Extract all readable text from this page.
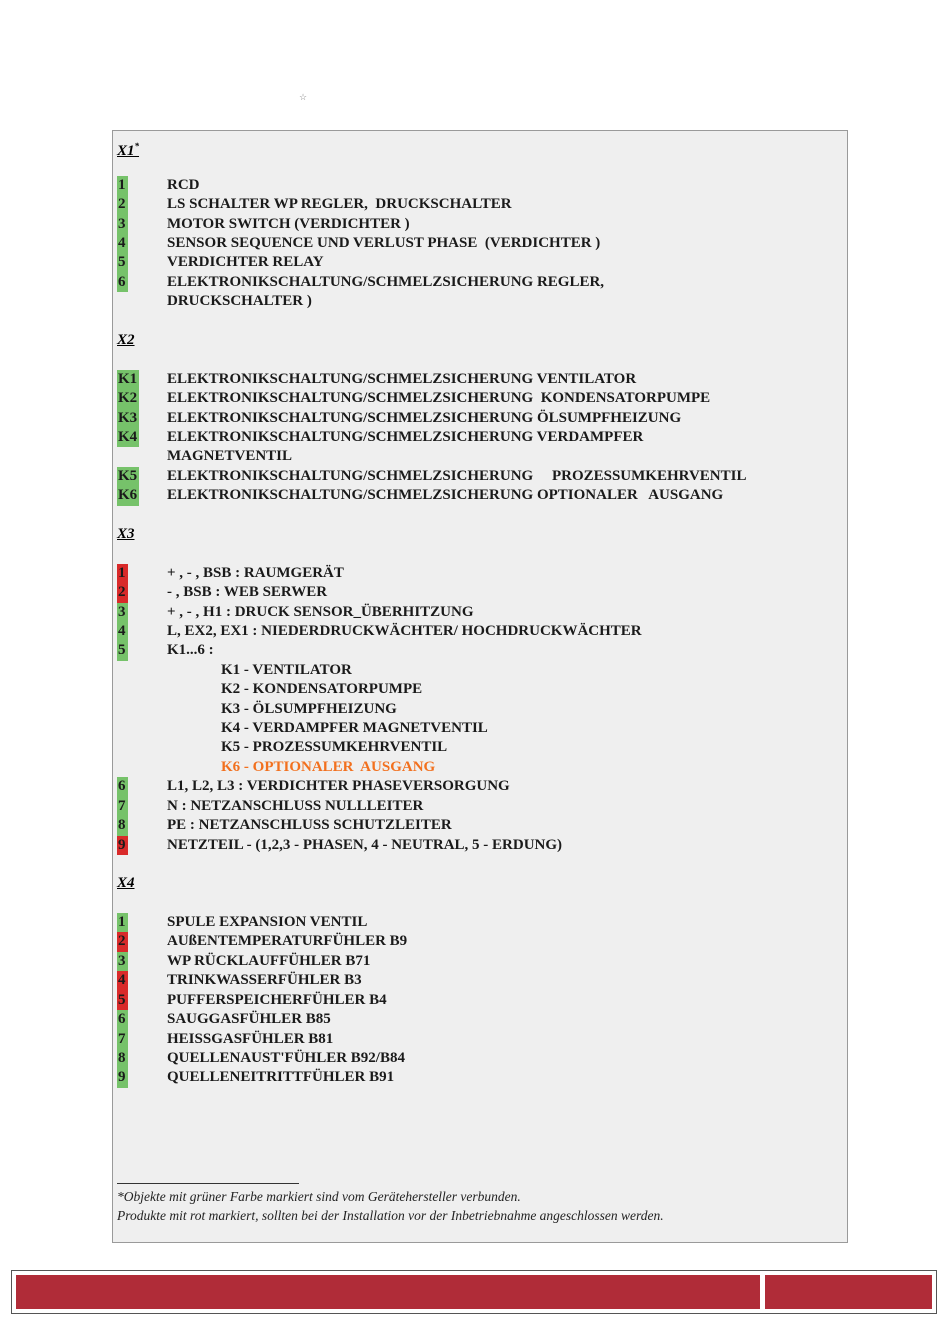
☆
X1*
1	RCD
2	LS SCHALTER WP REGLER,  DRUCKSCHALTER
3	MOTOR SWITCH (VERDICHTER )
4	SENSOR SEQUENCE UND VERLUST PHASE  (VERDICHTER )
5	VERDICHTER RELAY
6	ELEKTRONIKSCHALTUNG/SCHMELZSICHERUNG REGLER,
DRUCKSCHALTER )
X2
K1	ELEKTRONIKSCHALTUNG/SCHMELZSICHERUNG VENTILATOR
K2	ELEKTRONIKSCHALTUNG/SCHMELZSICHERUNG  KONDENSATORPUMPE
K3	ELEKTRONIKSCHALTUNG/SCHMELZSICHERUNG ÖLSUMPFHEIZUNG
K4	ELEKTRONIKSCHALTUNG/SCHMELZSICHERUNG VERDAMPFER
MAGNETVENTIL
K5	ELEKTRONIKSCHALTUNG/SCHMELZSICHERUNG     PROZESSUMKEHRVENTIL
K6	ELEKTRONIKSCHALTUNG/SCHMELZSICHERUNG OPTIONALER   AUSGANG
X3
1	+ , - , BSB : RAUMGERÄT
2	- , BSB : WEB SERWER
3	+ , - , H1 : DRUCK SENSOR_ÜBERHITZUNG
4	L, EX2, EX1 : NIEDERDRUCKWÄCHTER/ HOCHDRUCKWÄCHTER
5	K1...6 :
K1 - VENTILATOR
K2 - KONDENSATORPUMPE
K3 - ÖLSUMPFHEIZUNG
K4 - VERDAMPFER MAGNETVENTIL
K5 - PROZESSUMKEHRVENTIL
K6 - OPTIONALER  AUSGANG
6	L1, L2, L3 : VERDICHTER PHASEVERSORGUNG
7	N : NETZANSCHLUSS NULLLEITER
8	PE : NETZANSCHLUSS SCHUTZLEITER
9	NETZTEIL - (1,2,3 - PHASEN, 4 - NEUTRAL, 5 - ERDUNG)
X4
1	SPULE EXPANSION VENTIL
2	AUßENTEMPERATURFÜHLER B9
3	WP RÜCKLAUFFÜHLER B71
4	TRINKWASSERFÜHLER B3
5	PUFFERSPEICHERFÜHLER B4
6	SAUGGASFÜHLER B85
7	HEISSGASFÜHLER B81
8	QUELLENAUST'FÜHLER B92/B84
9	QUELLENEITRITTFÜHLER B91
*Objekte mit grüner Farbe markiert sind vom Gerätehersteller verbunden.
Produkte mit rot markiert, sollten bei der Installation vor der Inbetriebnahme angeschlossen werden.
